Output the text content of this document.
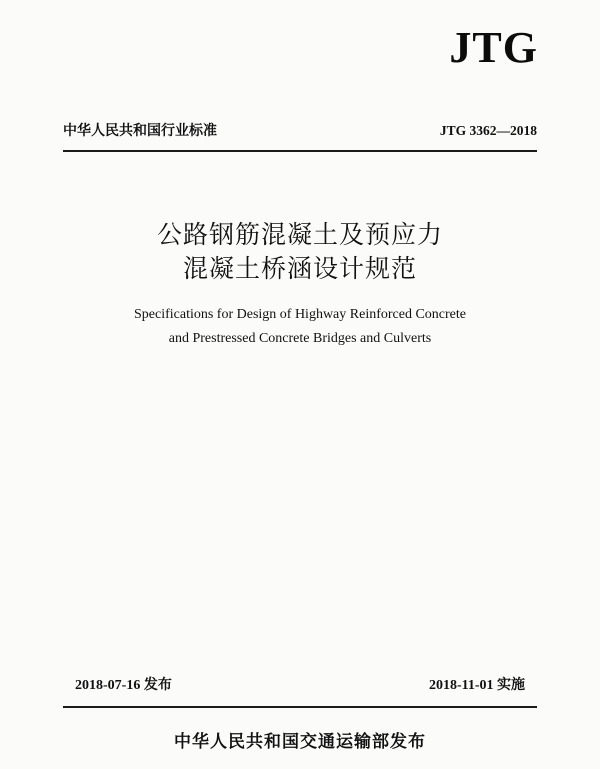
JTG
中华人民共和国行业标准	JTG 3362—2018
公路钢筋混凝土及预应力
混凝土桥涵设计规范
Specifications for Design of Highway Reinforced Concrete
and Prestressed Concrete Bridges and Culverts
2018-07-16 发布	2018-11-01 实施
中华人民共和国交通运输部发布
